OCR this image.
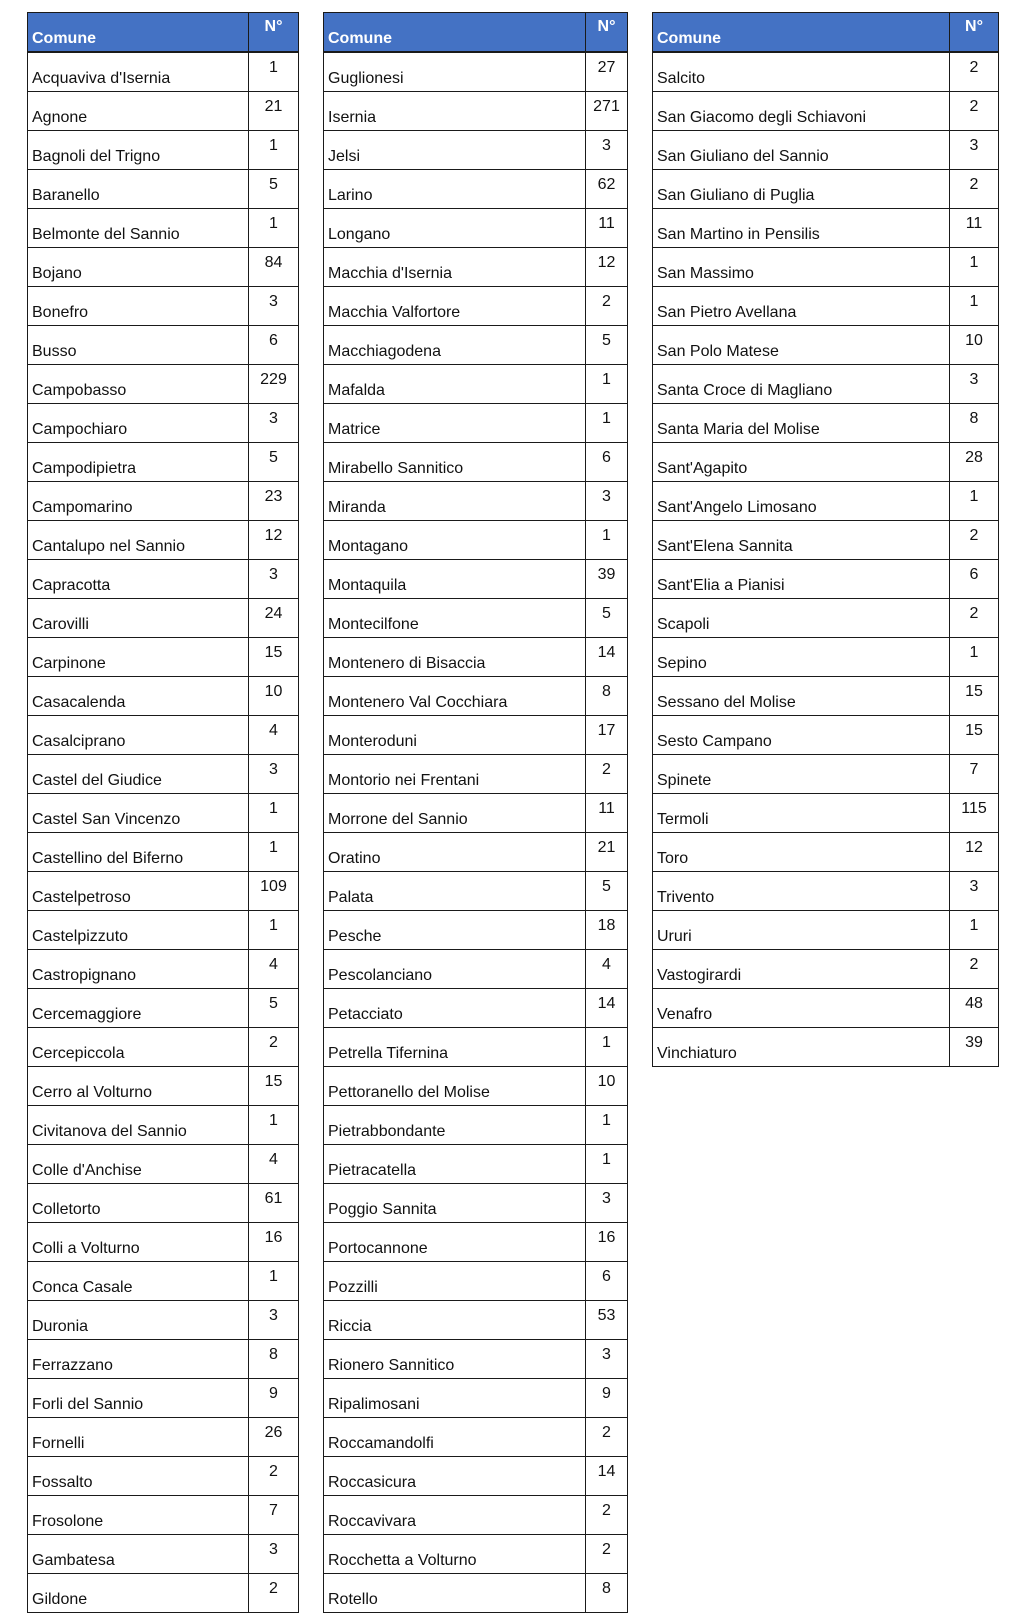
Comune	N°
Acquaviva d'Isernia	1
Agnone	21
Bagnoli del Trigno	1
Baranello	5
Belmonte del Sannio	1
Bojano	84
Bonefro	3
Busso	6
Campobasso	229
Campochiaro	3
Campodipietra	5
Campomarino	23
Cantalupo nel Sannio	12
Capracotta	3
Carovilli	24
Carpinone	15
Casacalenda	10
Casalciprano	4
Castel del Giudice	3
Castel San Vincenzo	1
Castellino del Biferno	1
Castelpetroso	109
Castelpizzuto	1
Castropignano	4
Cercemaggiore	5
Cercepiccola	2
Cerro al Volturno	15
Civitanova del Sannio	1
Colle d'Anchise	4
Colletorto	61
Colli a Volturno	16
Conca Casale	1
Duronia	3
Ferrazzano	8
Forli del Sannio	9
Fornelli	26
Fossalto	2
Frosolone	7
Gambatesa	3
Gildone	2
Comune	N°
Guglionesi	27
Isernia	271
Jelsi	3
Larino	62
Longano	11
Macchia d'Isernia	12
Macchia Valfortore	2
Macchiagodena	5
Mafalda	1
Matrice	1
Mirabello Sannitico	6
Miranda	3
Montagano	1
Montaquila	39
Montecilfone	5
Montenero di Bisaccia	14
Montenero Val Cocchiara	8
Monteroduni	17
Montorio nei Frentani	2
Morrone del Sannio	11
Oratino	21
Palata	5
Pesche	18
Pescolanciano	4
Petacciato	14
Petrella Tifernina	1
Pettoranello del Molise	10
Pietrabbondante	1
Pietracatella	1
Poggio Sannita	3
Portocannone	16
Pozzilli	6
Riccia	53
Rionero Sannitico	3
Ripalimosani	9
Roccamandolfi	2
Roccasicura	14
Roccavivara	2
Rocchetta a Volturno	2
Rotello	8
Comune	N°
Salcito	2
San Giacomo degli Schiavoni	2
San Giuliano del Sannio	3
San Giuliano di Puglia	2
San Martino in Pensilis	11
San Massimo	1
San Pietro Avellana	1
San Polo Matese	10
Santa Croce di Magliano	3
Santa Maria del Molise	8
Sant'Agapito	28
Sant'Angelo Limosano	1
Sant'Elena Sannita	2
Sant'Elia a Pianisi	6
Scapoli	2
Sepino	1
Sessano del Molise	15
Sesto Campano	15
Spinete	7
Termoli	115
Toro	12
Trivento	3
Ururi	1
Vastogirardi	2
Venafro	48
Vinchiaturo	39
